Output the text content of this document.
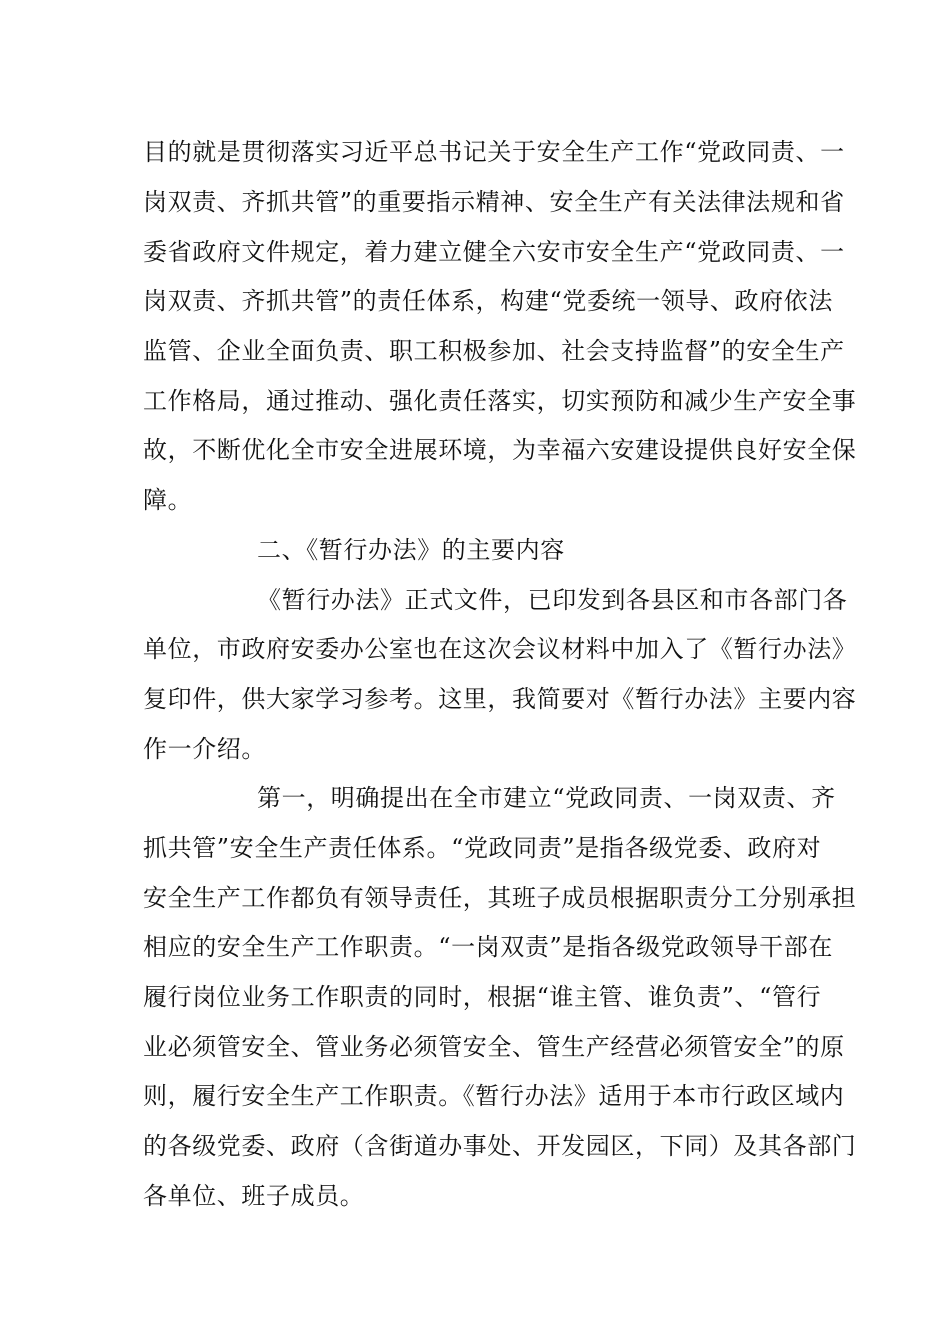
目的就是贯彻落实习近平总书记关于安全生产工作“党政同责、一
岗双责、齐抓共管”的重要指示精神、安全生产有关法律法规和省
委省政府文件规定，着力建立健全六安市安全生产“党政同责、一
岗双责、齐抓共管”的责任体系，构建“党委统一领导、政府依法
监管、企业全面负责、职工积极参加、社会支持监督”的安全生产
工作格局，通过推动、强化责任落实，切实预防和减少生产安全事
故，不断优化全市安全进展环境，为幸福六安建设提供良好安全保
障。
二、《暂行办法》的主要内容
《暂行办法》正式文件，已印发到各县区和市各部门各
单位，市政府安委办公室也在这次会议材料中加入了《暂行办法》
复印件，供大家学习参考。这里，我简要对《暂行办法》主要内容
作一介绍。
第一，明确提出在全市建立“党政同责、一岗双责、齐
抓共管”安全生产责任体系。“党政同责”是指各级党委、政府对
安全生产工作都负有领导责任，其班子成员根据职责分工分别承担
相应的安全生产工作职责。“一岗双责”是指各级党政领导干部在
履行岗位业务工作职责的同时，根据“谁主管、谁负责”、“管行
业必须管安全、管业务必须管安全、管生产经营必须管安全”的原
则，履行安全生产工作职责。《暂行办法》适用于本市行政区域内
的各级党委、政府（含街道办事处、开发园区，下同）及其各部门
各单位、班子成员。
